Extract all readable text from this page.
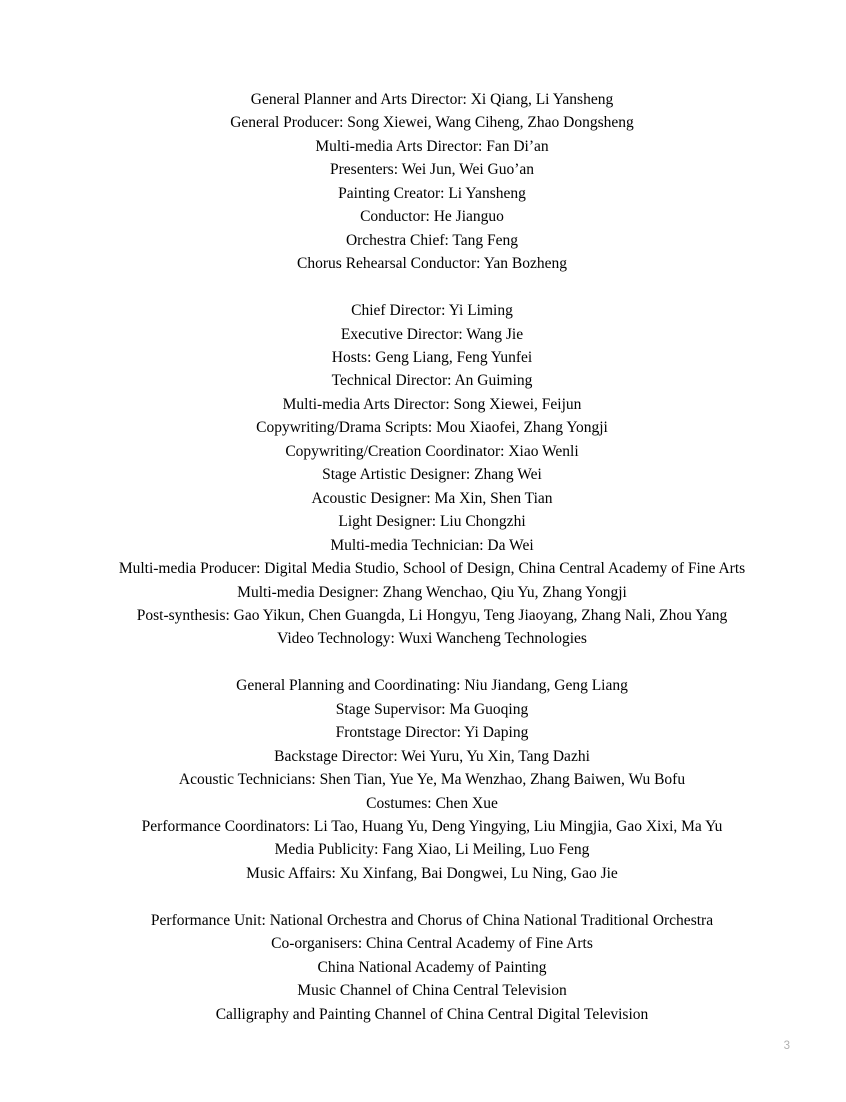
General Planner and Arts Director: Xi Qiang, Li Yansheng
General Producer: Song Xiewei, Wang Ciheng, Zhao Dongsheng
Multi-media Arts Director: Fan Di’an
Presenters: Wei Jun, Wei Guo’an
Painting Creator: Li Yansheng
Conductor: He Jianguo
Orchestra Chief: Tang Feng
Chorus Rehearsal Conductor: Yan Bozheng
Chief Director: Yi Liming
Executive Director: Wang Jie
Hosts: Geng Liang, Feng Yunfei
Technical Director: An Guiming
Multi-media Arts Director: Song Xiewei, Feijun
Copywriting/Drama Scripts: Mou Xiaofei, Zhang Yongji
Copywriting/Creation Coordinator: Xiao Wenli
Stage Artistic Designer: Zhang Wei
Acoustic Designer: Ma Xin, Shen Tian
Light Designer: Liu Chongzhi
Multi-media Technician: Da Wei
Multi-media Producer: Digital Media Studio, School of Design, China Central Academy of Fine Arts
Multi-media Designer: Zhang Wenchao, Qiu Yu, Zhang Yongji
Post-synthesis: Gao Yikun, Chen Guangda, Li Hongyu, Teng Jiaoyang, Zhang Nali, Zhou Yang
Video Technology: Wuxi Wancheng Technologies
General Planning and Coordinating: Niu Jiandang, Geng Liang
Stage Supervisor: Ma Guoqing
Frontstage Director: Yi Daping
Backstage Director: Wei Yuru, Yu Xin, Tang Dazhi
Acoustic Technicians: Shen Tian, Yue Ye, Ma Wenzhao, Zhang Baiwen, Wu Bofu
Costumes: Chen Xue
Performance Coordinators: Li Tao, Huang Yu, Deng Yingying, Liu Mingjia, Gao Xixi, Ma Yu
Media Publicity: Fang Xiao, Li Meiling, Luo Feng
Music Affairs: Xu Xinfang, Bai Dongwei, Lu Ning, Gao Jie
Performance Unit: National Orchestra and Chorus of China National Traditional Orchestra
Co-organisers: China Central Academy of Fine Arts
China National Academy of Painting
Music Channel of China Central Television
Calligraphy and Painting Channel of China Central Digital Television
3
